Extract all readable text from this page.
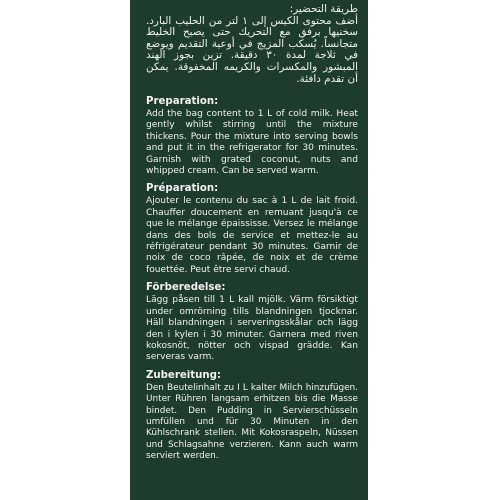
طريقة التحضير:
أضف محتوى الكيس إلى ١ لتر من الحليب البارد. سخنيها برفق مع التحريك حتى يصبح الخليط متجانساً. يُسكب المزيج في أوعية التقديم ويوضع في ثلاجة لمدة ٣٠ دقيقة. تزين بجوز الهند المبشور والمكسرات والكريمه المخفوقة. يمكن أن تقدم دافئة.
Preparation:

Add the bag content to 1 L of cold milk. Heat gently whilst stirring until the mixture thickens. Pour the mixture into serving bowls and put it in the refrigerator for 30 minutes. Garnish with grated coconut, nuts and whipped cream. Can be served warm.

Préparation:

Ajouter le contenu du sac à 1 L de lait froid. Chauffer doucement en remuant jusqu'à ce que le mélange épaississe. Versez le mélange dans des bols de service et mettez-le au réfrigérateur pendant 30 minutes. Garnir de noix de coco râpée, de noix et de crème fouettée. Peut être servi chaud.

Förberedelse:

Lägg påsen till 1 L kall mjölk. Värm försiktigt under omrörning tills blandningen tjocknar. Häll blandningen i serveringsskålar och lägg den i kylen i 30 minuter. Garnera med riven kokosnöt, nötter och vispad grädde. Kan serveras varm.

Zubereitung:

Den Beutelinhalt zu I L kalter Milch hinzufügen. Unter Rühren langsam erhitzen bis die Masse bindet. Den Pudding in Servierschüsseln umfüllen und für 30 Minuten in den Kühlschrank stellen. Mit Kokosraspeln, Nüssen und Schlagsahne verzieren. Kann auch warm serviert werden.
